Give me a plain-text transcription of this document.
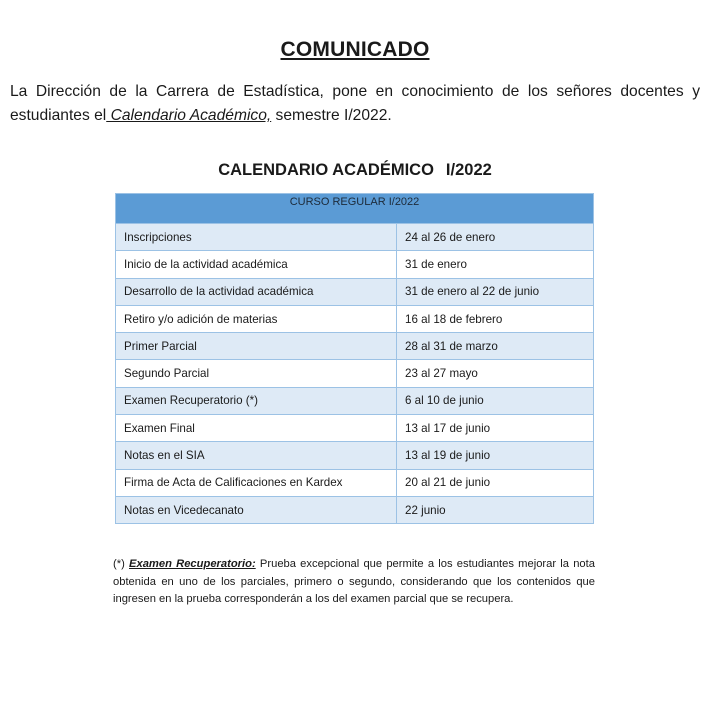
COMUNICADO

La Dirección de la Carrera de Estadística, pone en conocimiento de los señores docentes y estudiantes el Calendario Académico, semestre I/2022.

CALENDARIO ACADÉMICO I/2022
CURSO REGULAR I/2022	
Inscripciones	24 al 26 de enero
Inicio de la actividad académica	31 de enero
Desarrollo de la actividad académica	31 de enero al 22 de junio
Retiro y/o adición de materias	16 al 18 de febrero
Primer Parcial	28 al 31 de marzo
Segundo Parcial	23 al 27 mayo
Examen Recuperatorio (*)	6 al 10 de junio
Examen Final	13 al 17 de junio
Notas en el SIA	13 al 19 de junio
Firma de Acta de Calificaciones en Kardex	20 al 21 de junio
Notas en Vicedecanato	22 junio

(*) Examen Recuperatorio: Prueba excepcional que permite a los estudiantes mejorar la nota obtenida en uno de los parciales, primero o segundo, considerando que los contenidos que ingresen en la prueba corresponderán a los del examen parcial que se recupera.
